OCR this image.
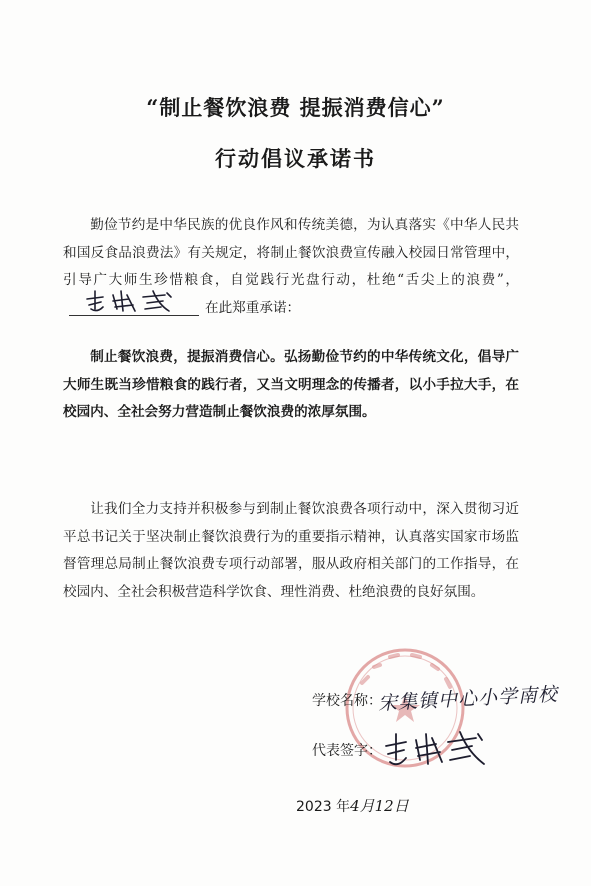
“制止餐饮浪费 提振消费信心”
行动倡议承诺书

勤俭节约是中华民族的优良作风和传统美德，为认真落实《中华人民共和国反食品浪费法》有关规定，将制止餐饮浪费宣传融入校园日常管理中，引导广大师生珍惜粮食，自觉践行光盘行动，杜绝“舌尖上的浪费”，
在此郑重承诺：

制止餐饮浪费，提振消费信心。弘扬勤俭节约的中华传统文化，倡导广大师生既当珍惜粮食的践行者，又当文明理念的传播者，以小手拉大手，在校园内、全社会努力营造制止餐饮浪费的浓厚氛围。

让我们全力支持并积极参与到制止餐饮浪费各项行动中，深入贯彻习近平总书记关于坚决制止餐饮浪费行为的重要指示精神，认真落实国家市场监督管理总局制止餐饮浪费专项行动部署，服从政府相关部门的工作指导，在校园内、全社会积极营造科学饮食、理性消费、杜绝浪费的良好氛围。

学校名称：
宋集镇中心小学南校
代表签字：
2023 年4月12日
